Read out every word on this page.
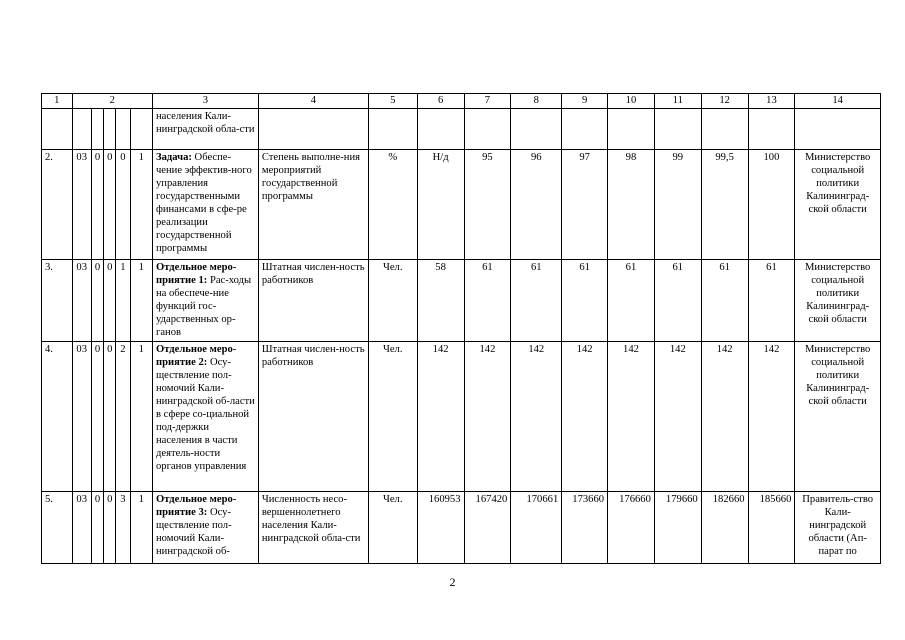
1	2					3	4	5	6	7	8	9	10	11	12	13	14
						населения Кали-нинградской обла-сти											
2.	03	0	0	0	1	Задача: Обеспе-чение эффектив-ного управления государственными финансами в сфе-ре реализации государственной программы	Степень выполне-ния мероприятий государственной программы	%	Н/д	95	96	97	98	99	99,5	100	Министерство социальной политики Калининград-ской области
3.	03	0	0	1	1	Отдельное меро-приятие 1: Рас-ходы на обеспече-ние функций гос-ударственных ор-ганов	Штатная числен-ность работников	Чел.	58	61	61	61	61	61	61	61	Министерство социальной политики Калининград-ской области
4.	03	0	0	2	1	Отдельное меро-приятие 2: Осу-ществление пол-номочий Кали-нинградской об-ласти в сфере со-циальной под-держки населения в части деятель-ности органов управления	Штатная числен-ность работников	Чел.	142	142	142	142	142	142	142	142	Министерство социальной политики Калининград-ской области
5.	03	0	0	3	1	Отдельное меро-приятие 3: Осу-ществление пол-номочий Кали-нинградской об-	Численность несо-вершеннолетнего населения Кали-нинградской обла-сти	Чел.	160953	167420	170661	173660	176660	179660	182660	185660	Правитель-ство Кали-нинградской области (Ап-парат по
2
